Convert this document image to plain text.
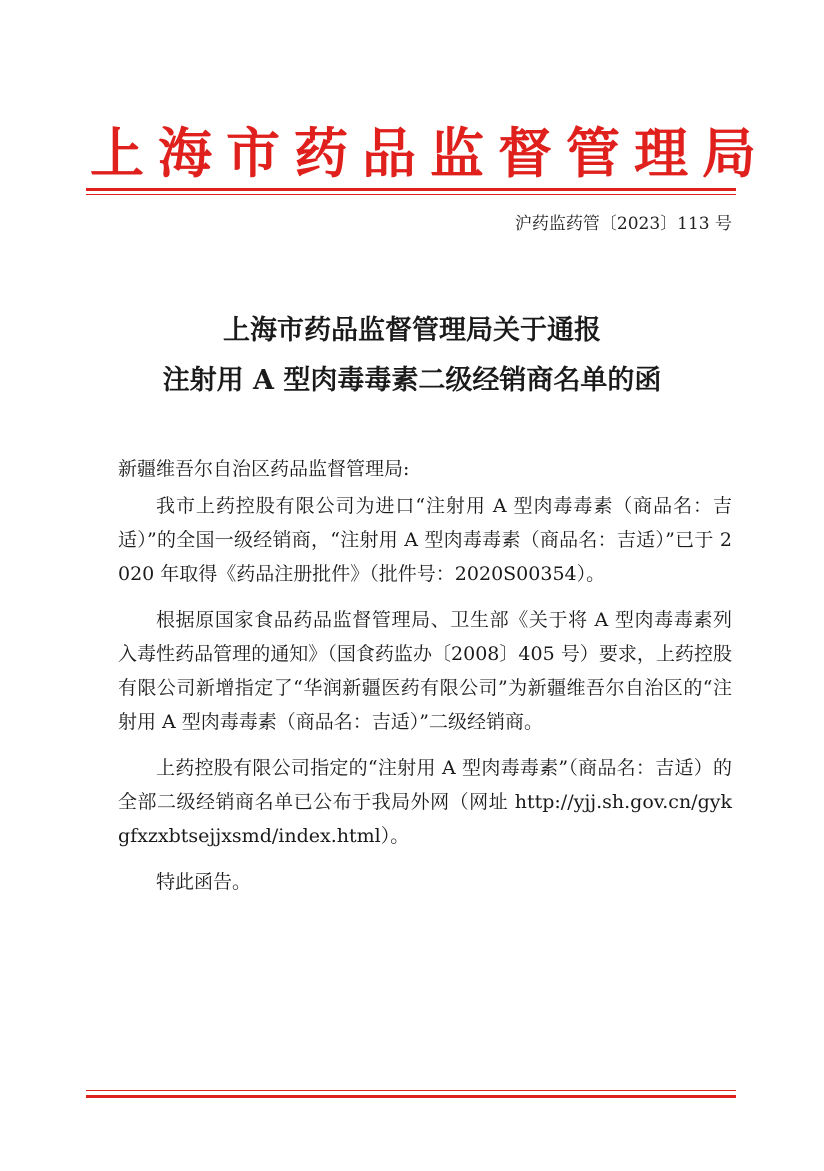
上海市药品监督管理局
沪药监药管〔2023〕113 号
上海市药品监督管理局关于通报
注射用 A 型肉毒毒素二级经销商名单的函
新疆维吾尔自治区药品监督管理局:

我市上药控股有限公司为进口“注射用 A 型肉毒毒素（商品名：吉适）”的全国一级经销商，“注射用 A 型肉毒毒素（商品名：吉适）”已于 2020 年取得《药品注册批件》（批件号：2020S00354）。

根据原国家食品药品监督管理局、卫生部《关于将 A 型肉毒毒素列入毒性药品管理的通知》（国食药监办〔2008〕405 号）要求，上药控股有限公司新增指定了“华润新疆医药有限公司”为新疆维吾尔自治区的“注射用 A 型肉毒毒素（商品名：吉适）”二级经销商。

上药控股有限公司指定的“注射用 A 型肉毒毒素”（商品名：吉适）的全部二级经销商名单已公布于我局外网（网址 http://yjj.sh.gov.cn/gykgfxzxbtsejjxsmd/index.html）。

特此函告。
